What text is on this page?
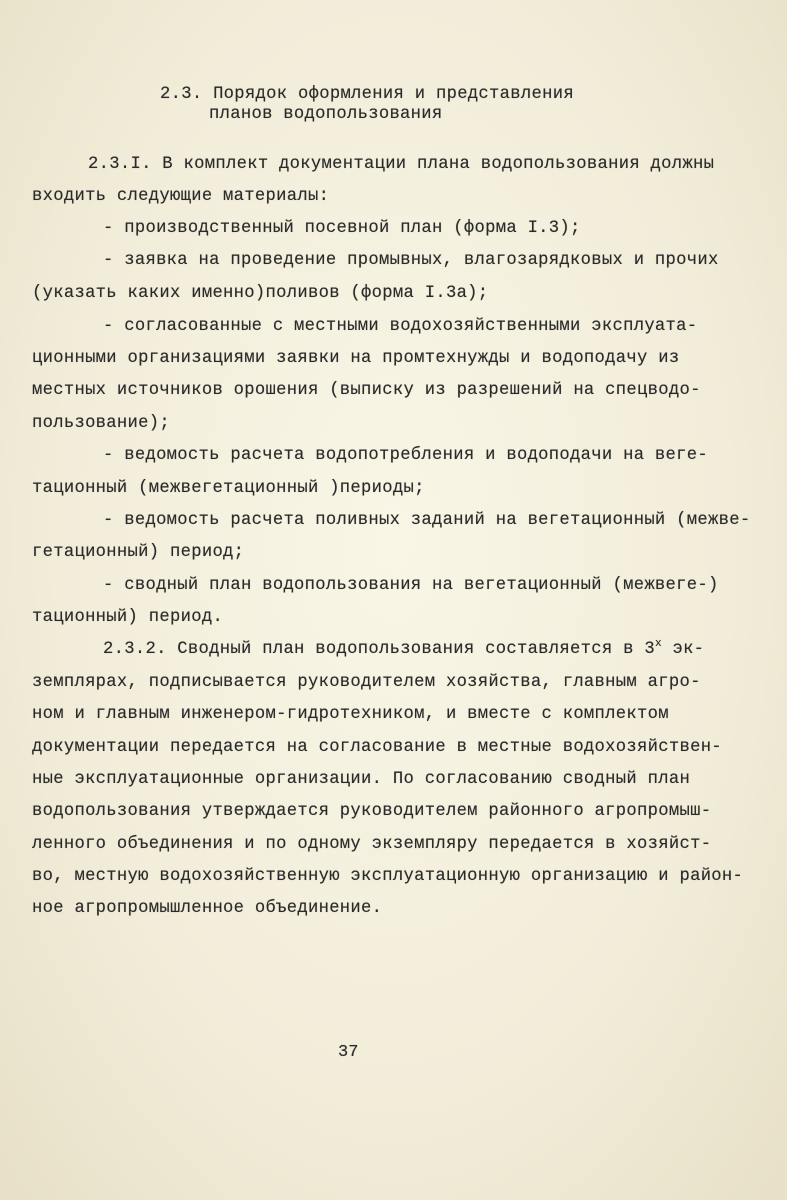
2.3. Порядок оформления и представления
планов водопользования
2.3.I. В комплект документации плана водопользования должны
входить следующие материалы:
- производственный посевной план (форма I.3);
- заявка на проведение промывных, влагозарядковых и прочих
(указать каких именно)поливов (форма I.3а);
- согласованные с местными водохозяйственными эксплуата-
ционными организациями заявки на промтехнужды и водоподачу из
местных источников орошения (выписку из разрешений на спецводо-
пользование);
- ведомость расчета водопотребления и водоподачи на веге-
тационный (межвегетационный )периоды;
- ведомость расчета поливных заданий на вегетационный (межве-
гетационный) период;
- сводный план водопользования на вегетационный (межвеге-)
тационный) период.
2.3.2. Сводный план водопользования составляется в $3^х$ эк-
земплярах, подписывается руководителем хозяйства, главным агро-
ном и главным инженером-гидротехником, и вместе с комплектом
документации передается на согласование в местные водохозяйствен-
ные эксплуатационные организации. По согласованию сводный план
водопользования утверждается руководителем районного агропромыш-
ленного объединения и по одному экземпляру передается в хозяйст-
во, местную водохозяйственную эксплуатационную организацию и район-
ное агропромышленное объединение.
37
